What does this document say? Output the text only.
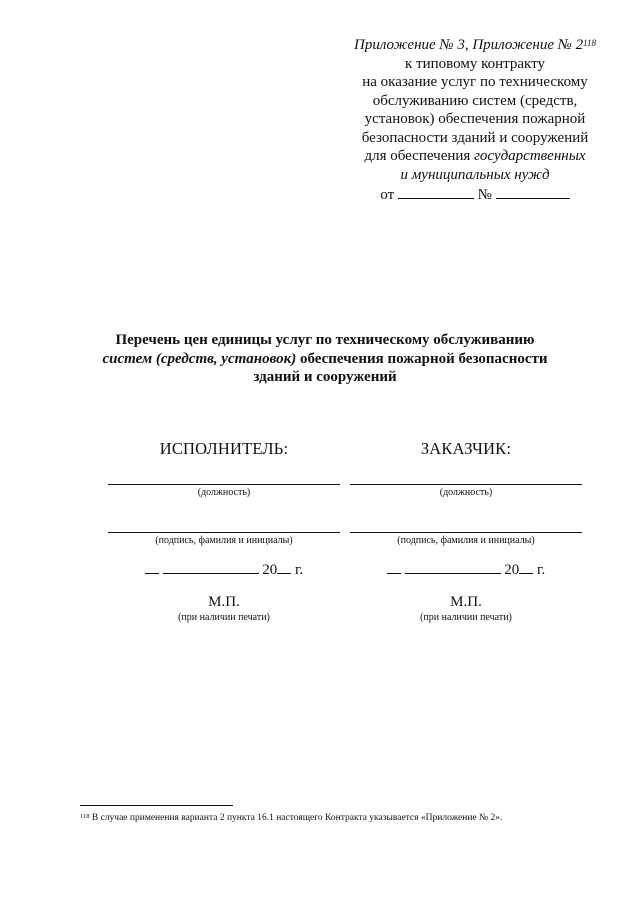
Приложение № 3, Приложение № $2^{118}$
к типовому контракту
на оказание услуг по техническому
обслуживанию систем (средств,
установок) обеспечения пожарной
безопасности зданий и сооружений
для обеспечения государственных
и муниципальных нужд
от	№
Перечень цен единицы услуг по техническому обслуживанию
систем (средств, установок) обеспечения пожарной безопасности
зданий и сооружений
ИСПОЛНИТЕЛЬ:
(должность)
(подпись, фамилия и инициалы)
20 г.
М.П.
(при наличии печати)
ЗАКАЗЧИК:
(должность)
(подпись, фамилия и инициалы)
20 г.
М.П.
(при наличии печати)
$^{118}$ В случае применения варианта 2 пункта 16.1 настоящего Контракта указывается «Приложение № 2».
